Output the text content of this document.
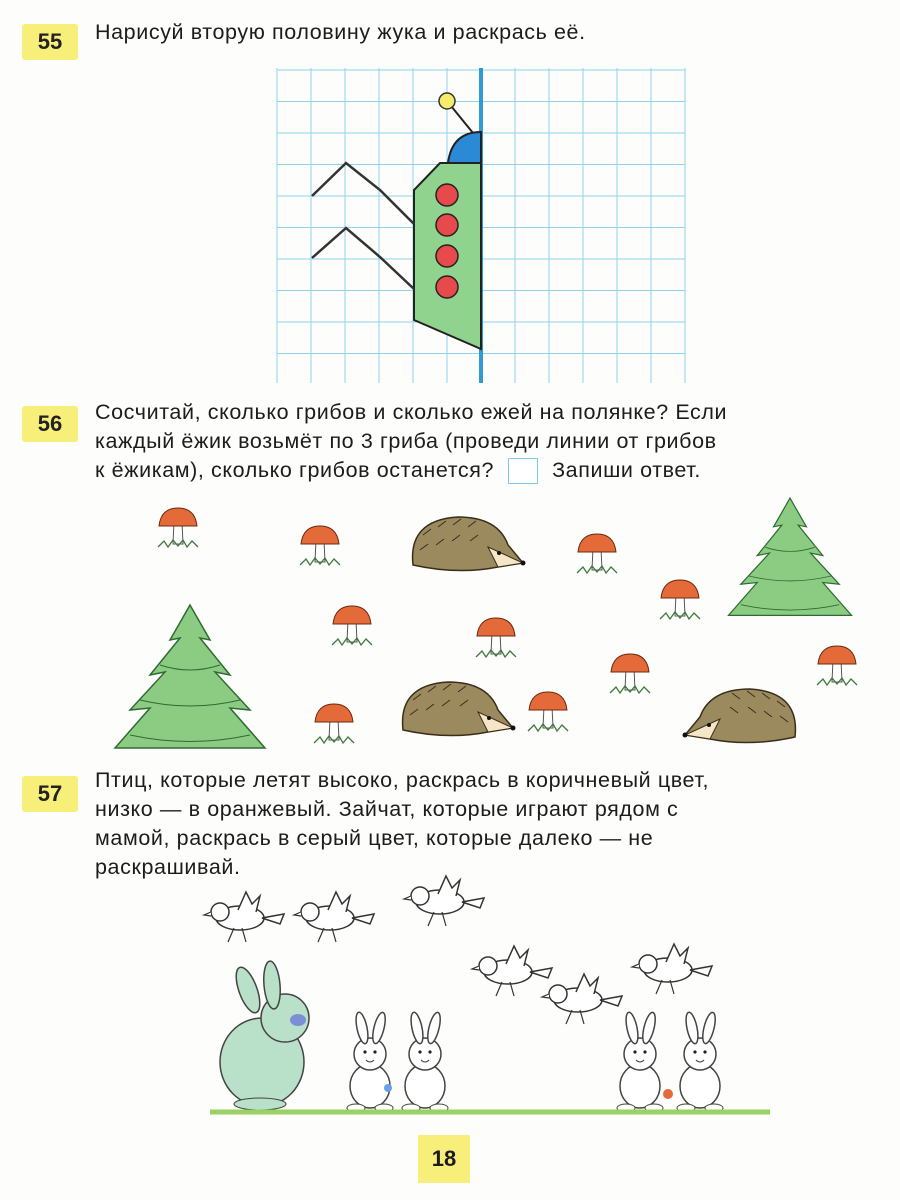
55	Нарисуй вторую половину жука и раскрась её.

56	Сосчитай, сколько грибов и сколько ежей на полянке? Если

каждый ёжик возьмёт по 3 гриба (проведи линии от грибов

к ёжикам), сколько грибов останется?	Запиши ответ.

57

Птиц, которые летят высоко, раскрась в коричневый цвет,

низко — в оранжевый. Зайчат, которые играют рядом с

мамой, раскрась в серый цвет, которые далеко — не

раскрашивай.

18
